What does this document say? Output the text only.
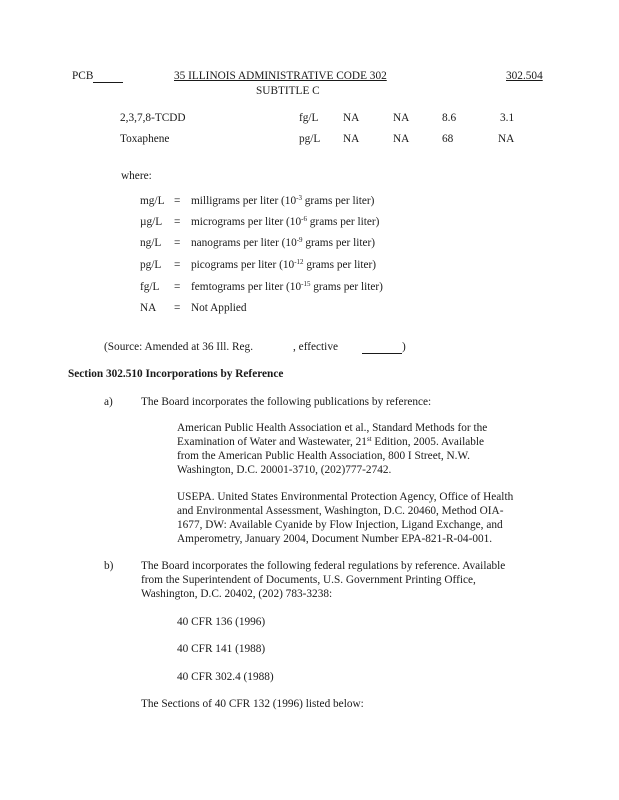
PCB	35 ILLINOIS ADMINISTRATIVE CODE 302	302.504
SUBTITLE C
2,3,7,8-TCDD	fg/L NA	NA	8.6	3.1
Toxaphene	pg/L NA	NA	68	NA
where:
mg/L = milligrams per liter ($10^{-3}$ grams per liter)
µg/L = micrograms per liter ($10^{-6}$ grams per liter)
ng/L = nanograms per liter ($10^{-9}$ grams per liter)
pg/L = picograms per liter ($10^{-12}$ grams per liter)
fg/L = femtograms per liter ($10^{-15}$ grams per liter)
NA = Not Applied
(Source: Amended at 36 Ill. Reg.	, effective	)
Section 302.510 Incorporations by Reference
a) The Board incorporates the following publications by reference:
American Public Health Association et al., Standard Methods for the
Examination of Water and Wastewater, 21st Edition, 2005. Available
from the American Public Health Association, 800 I Street, N.W.
Washington, D.C. 20001-3710, (202)777-2742.
USEPA. United States Environmental Protection Agency, Office of Health
and Environmental Assessment, Washington, D.C. 20460, Method OIA-
1677, DW: Available Cyanide by Flow Injection, Ligand Exchange, and
Amperometry, January 2004, Document Number EPA-821-R-04-001.
b) The Board incorporates the following federal regulations by reference. Available
from the Superintendent of Documents, U.S. Government Printing Office,
Washington, D.C. 20402, (202) 783-3238:
40 CFR 136 (1996)
40 CFR 141 (1988)
40 CFR 302.4 (1988)
The Sections of 40 CFR 132 (1996) listed below:
